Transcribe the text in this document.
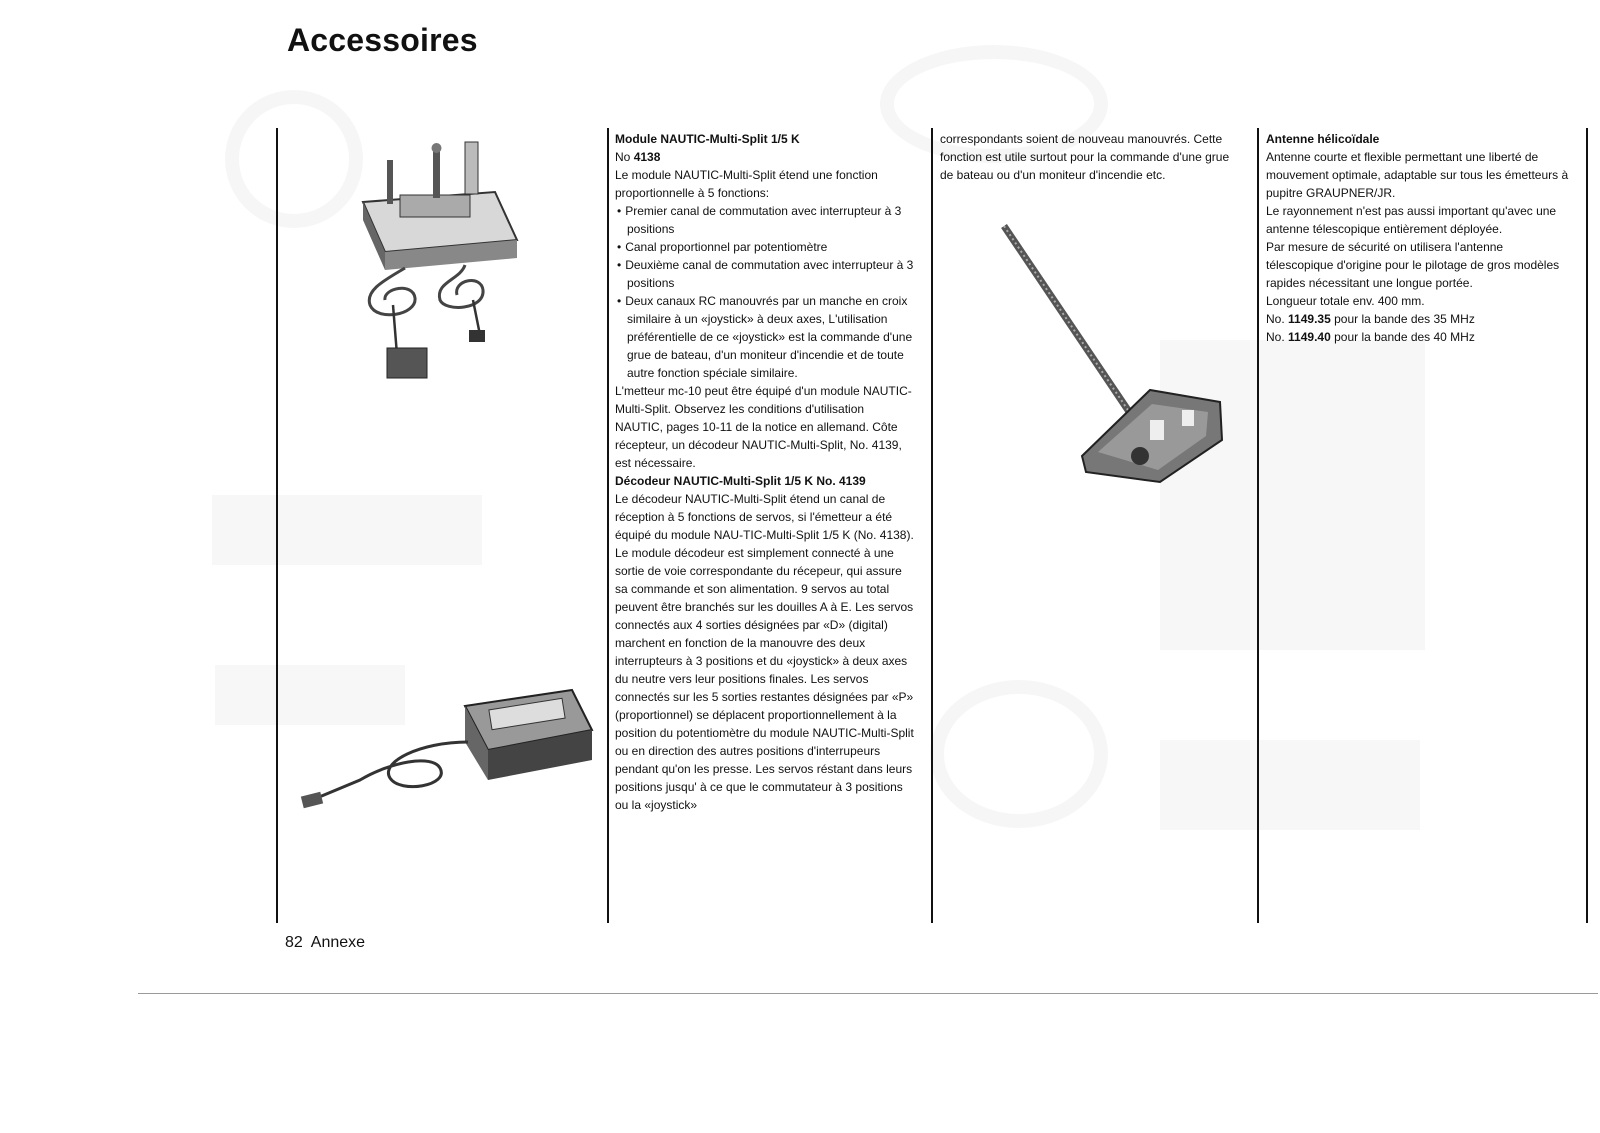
Accessoires

Module NAUTIC-Multi-Split 1/5 K

No 4138

Le module NAUTIC-Multi-Split étend une fonction proportionnelle à 5 fonctions:

• Premier canal de commutation avec interrupteur à 3 positions
• Canal proportionnel par potentiomètre
• Deuxième canal de commutation avec interrupteur à 3 positions
• Deux canaux RC manouvrés par un manche en croix similaire à un «joystick» à deux axes, L'utilisation préférentielle de ce «joystick» est la commande d'une grue de bateau, d'un moniteur d'incendie et de toute autre fonction spéciale similaire.

L'metteur mc-10 peut être équipé d'un module NAUTIC-Multi-Split. Observez les conditions d'utilisation NAUTIC, pages 10-11 de la notice en allemand. Côte récepteur, un décodeur NAUTIC-Multi-Split, No. 4139, est nécessaire.

Décodeur NAUTIC-Multi-Split 1/5 K No. 4139

Le décodeur NAUTIC-Multi-Split étend un canal de réception à 5 fonctions de servos, si l'émetteur a été équipé du module NAU-TIC-Multi-Split 1/5 K (No. 4138). Le module décodeur est simplement connecté à une sortie de voie correspondante du récepeur, qui assure sa commande et son alimentation. 9 servos au total peuvent être branchés sur les douilles A à E. Les servos connectés aux 4 sorties désignées par «D» (digital) marchent en fonction de la manouvre des deux interrupteurs à 3 positions et du «joystick» à deux axes du neutre vers leur positions finales. Les servos connectés sur les 5 sorties restantes désignées par «P» (proportionnel) se déplacent proportionnellement à la position du potentiomètre du module NAUTIC-Multi-Split ou en direction des autres positions d'interrupeurs pendant qu'on les presse. Les servos réstant dans leurs positions jusqu' à ce que le commutateur à 3 positions ou la «joystick»

correspondants soient de nouveau manouvrés. Cette fonction est utile surtout pour la commande d'une grue de bateau ou d'un moniteur d'incendie etc.

Antenne hélicoïdale

Antenne courte et flexible permettant une liberté de mouvement optimale, adaptable sur tous les émetteurs à pupitre GRAUPNER/JR.

Le rayonnement n'est pas aussi important qu'avec une antenne télescopique entièrement déployée.

Par mesure de sécurité on utilisera l'antenne télescopique d'origine pour le pilotage de gros modèles rapides nécessitant une longue portée.

Longueur totale env. 400 mm.

No. 1149.35 pour la bande des 35 MHz

No. 1149.40 pour la bande des 40 MHz

82 Annexe
